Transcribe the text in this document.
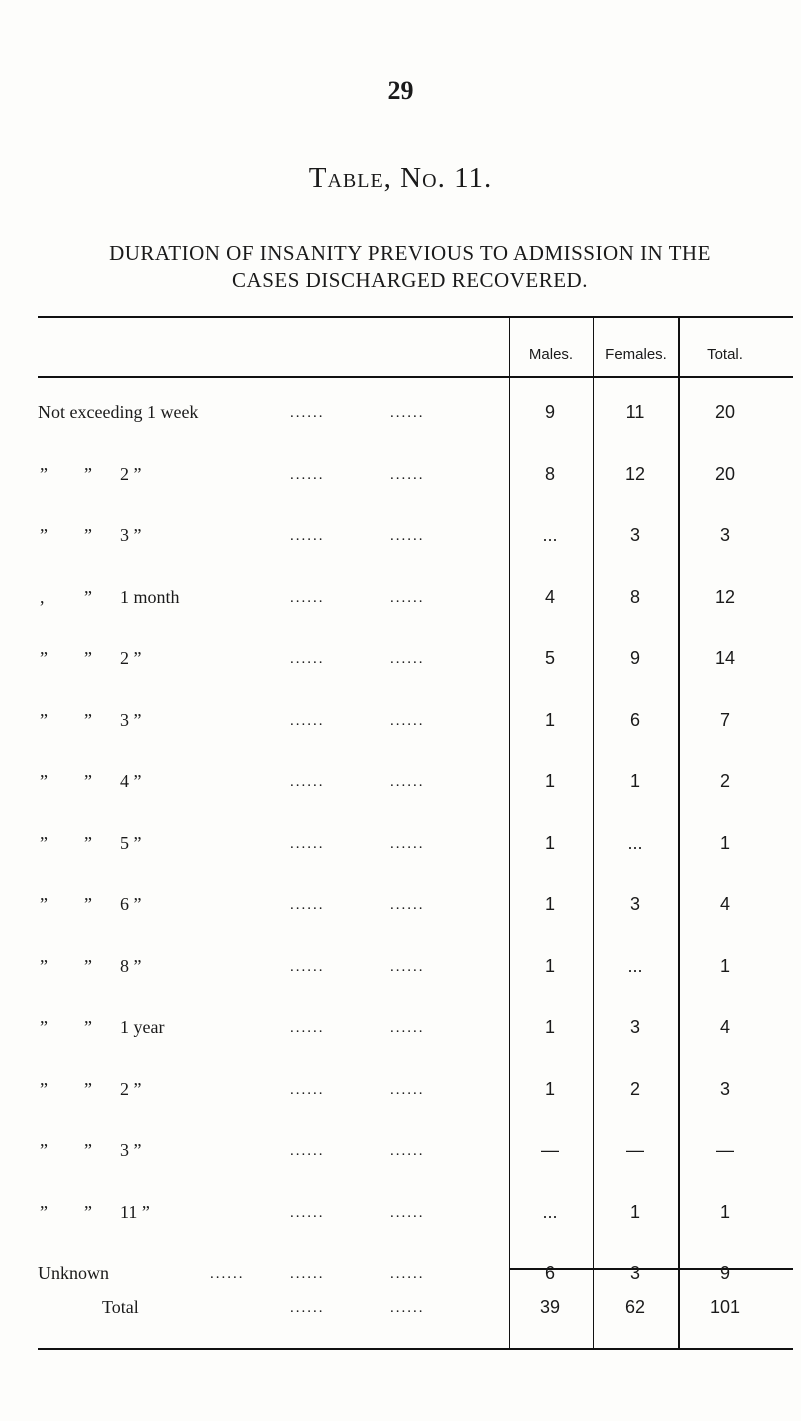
29
Table, No. 11.
DURATION OF INSANITY PREVIOUS TO ADMISSION IN THE
CASES DISCHARGED RECOVERED.
Males.	Females.	Total.
Not exceeding 1 week	......	......	9	11	20
” ” 2 ”	......	......	8	12	20
” ” 3 ”	......	......	...	3	3
, ” 1 month	......	......	4	8	12
” ” 2 ”	......	......	5	9	14
” ” 3 ”	......	......	1	6	7
” ” 4 ”	......	......	1	1	2
” ” 5 ”	......	......	1	...	1
” ” 6 ”	......	......	1	3	4
” ” 8 ”	......	......	1	...	1
” ” 1 year	......	......	1	3	4
” ” 2 ”	......	......	1	2	3
” ” 3 ”	......	......	—	—	—
” ” 11 ”	......	......	...	1	1
Unknown	......	......	......	6	3	9
Total	......	......	39	62	101
